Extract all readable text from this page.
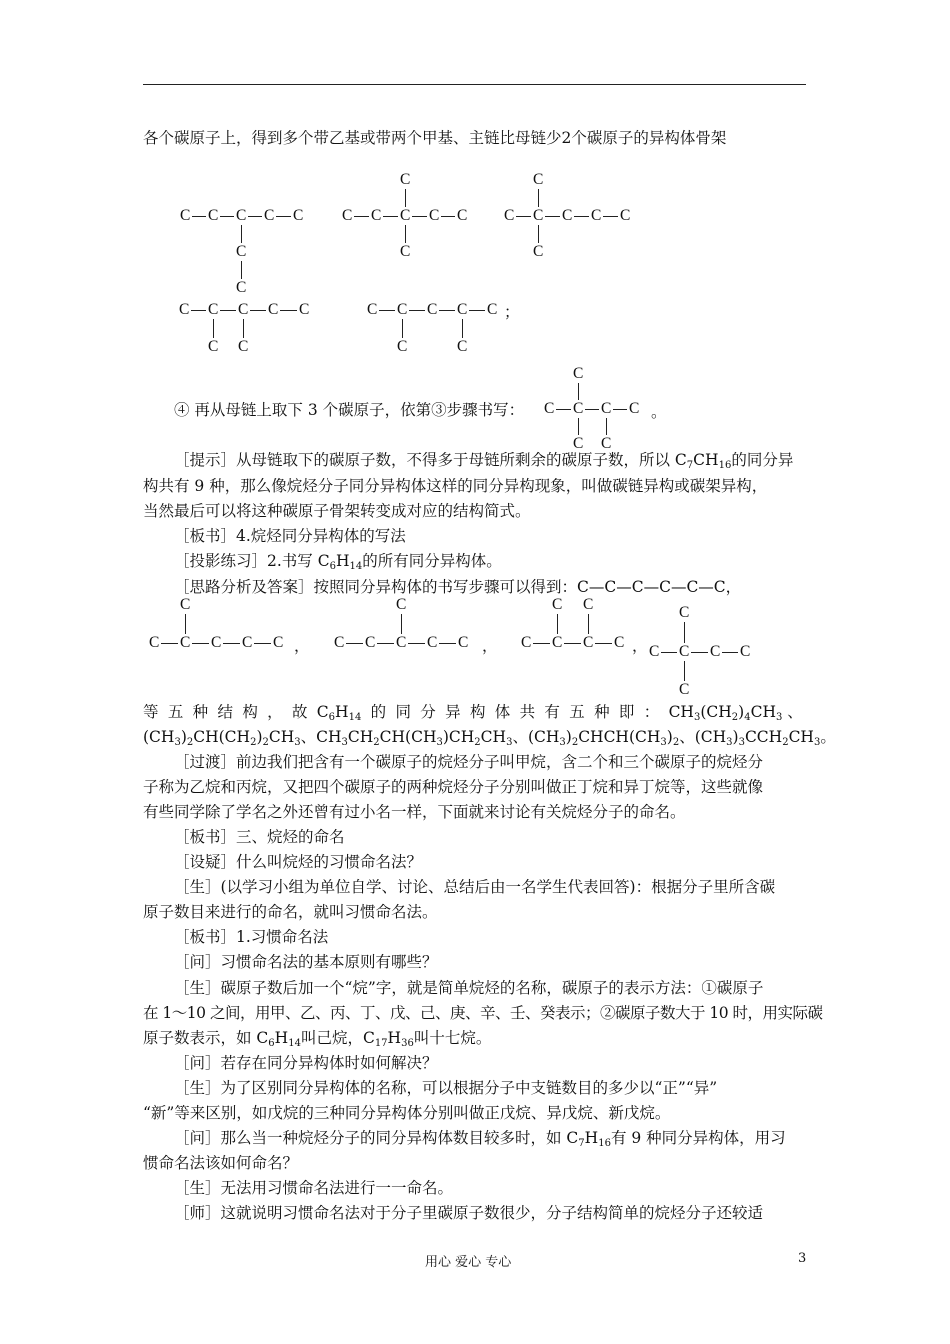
各个碳原子上，得到多个带乙基或带两个甲基、主链比母链少2个碳原子的异构体骨架
④ 再从母链上取下 3 个碳原子，依第③步骤书写：	。
［提示］从母链取下的碳原子数，不得多于母链所剩余的碳原子数，所以 $C_7CH_{16}$的同分异
构共有 9 种，那么像烷烃分子同分异构体这样的同分异构现象，叫做碳链异构或碳架异构，
当然最后可以将这种碳原子骨架转变成对应的结构简式。
［板书］4.烷烃同分异构体的写法
［投影练习］2.书写 $C_6H_{14}$的所有同分异构体。
［思路分析及答案］按照同分异构体的书写步骤可以得到：C—C—C—C—C—C，
等 五 种 结 构 ， 故 $C_6H_{14}$ 的 同 分 异 构 体 共 有 五 种 即 ： $CH_3(CH_2)_4CH_3$ 、
$(CH_3)_2CH(CH_2)_2CH_3$、$CH_3CH_2CH(CH_3)CH_2CH_3$、$(CH_3)_2CHCH(CH_3)_2$、$(CH_3)_3CCH_2CH_3$。
［过渡］前边我们把含有一个碳原子的烷烃分子叫甲烷，含二个和三个碳原子的烷烃分
子称为乙烷和丙烷，又把四个碳原子的两种烷烃分子分别叫做正丁烷和异丁烷等，这些就像
有些同学除了学名之外还曾有过小名一样，下面就来讨论有关烷烃分子的命名。
［板书］三、烷烃的命名
［设疑］什么叫烷烃的习惯命名法？
［生］(以学习小组为单位自学、讨论、总结后由一名学生代表回答)：根据分子里所含碳
原子数目来进行的命名，就叫习惯命名法。
［板书］1.习惯命名法
［问］习惯命名法的基本原则有哪些？
［生］碳原子数后加一个“烷”字，就是简单烷烃的名称，碳原子的表示方法：①碳原子
在 1～10 之间，用甲、乙、丙、丁、戊、己、庚、辛、壬、癸表示；②碳原子数大于 10 时，用实际碳
原子数表示，如 $C_6H_{14}$叫己烷，$C_{17}H_{36}$叫十七烷。
［问］若存在同分异构体时如何解决？
［生］为了区别同分异构体的名称，可以根据分子中支链数目的多少以“正”“异”
“新”等来区别，如戊烷的三种同分异构体分别叫做正戊烷、异戊烷、新戊烷。
［问］那么当一种烷烃分子的同分异构体数目较多时，如 $C_7H_{16}$有 9 种同分异构体，用习
惯命名法该如何命名？
［生］无法用习惯命名法进行一一命名。
［师］这就说明习惯命名法对于分子里碳原子数很少，分子结构简单的烷烃分子还较适
用心 爱心 专心	3
C C C C C
C
C
C C C C C
C
C
C C C C C
C
C
C C C C C
C C
C C C C C
C	C
；
C C C C
C
C C
C C C C C
C
C C C C C
C
C C C C
C C
C C C C
C
C
，	，	，
